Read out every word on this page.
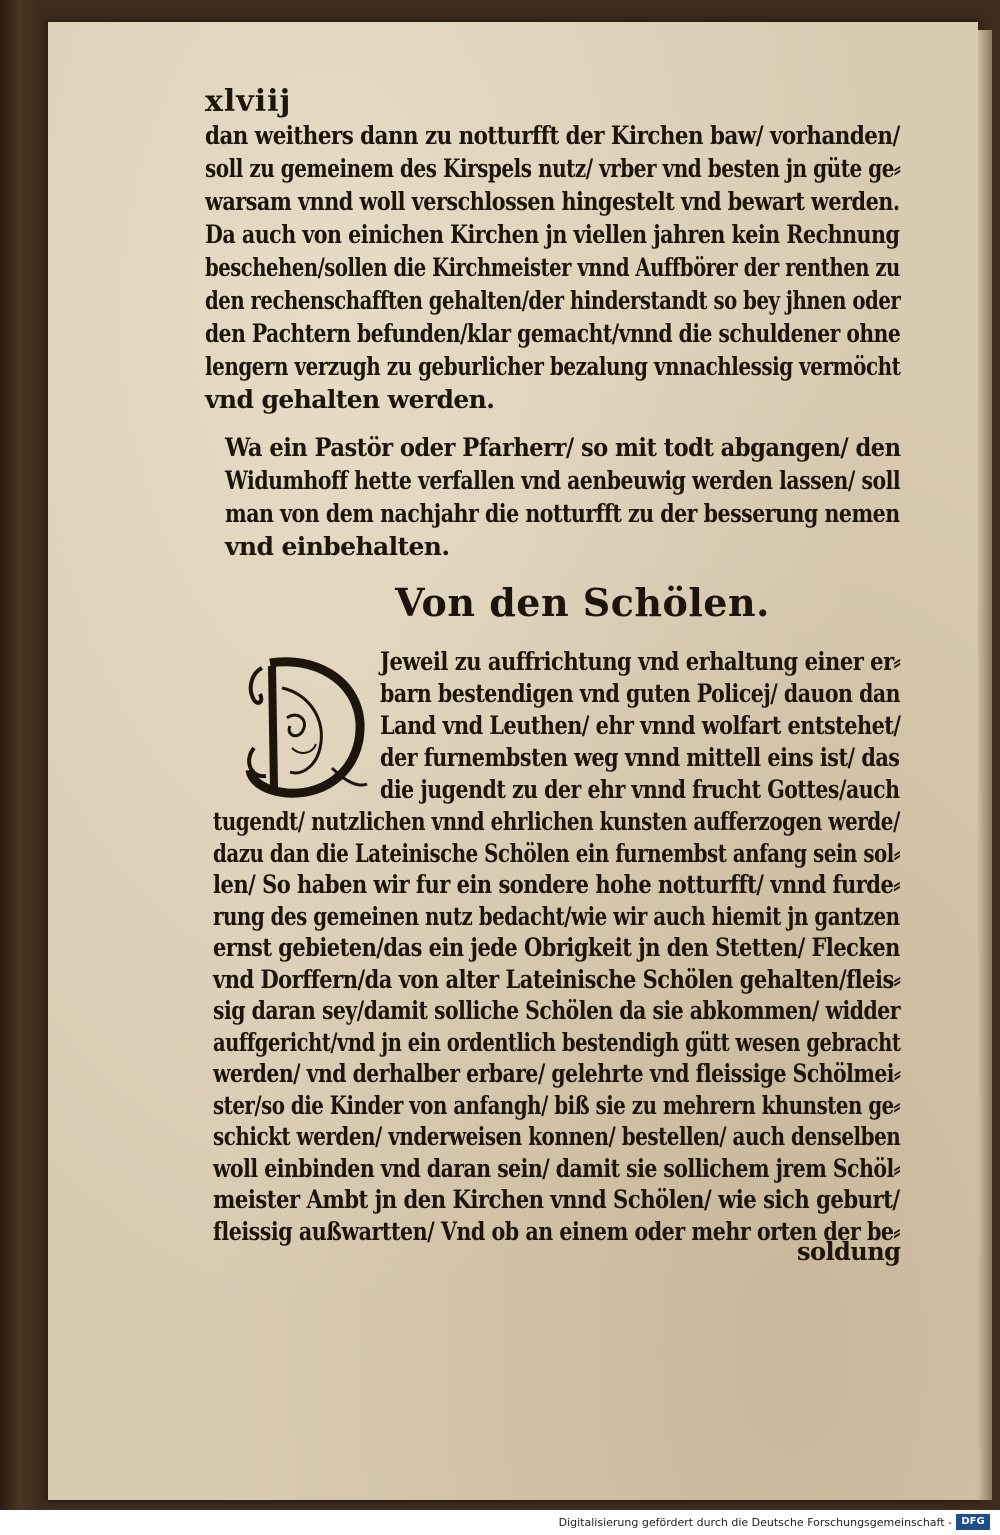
xlviij
dan weithers dann zu notturfft der Kirchen baw/ vorhanden/
soll zu gemeinem des Kirspels nutz/ vrber vnd besten jn güte ge⸗
warsam vnnd woll verschlossen hingestelt vnd bewart werden.
Da auch von einichen Kirchen jn viellen jahren kein Rechnung
beschehen/sollen die Kirchmeister vnnd Auffbörer der renthen zu
den rechenschafften gehalten/der hinderstandt so bey jhnen oder
den Pachtern befunden/klar gemacht/vnnd die schuldener ohne
lengern verzugh zu geburlicher bezalung vnnachlessig vermöcht
vnd gehalten werden.
Wa ein Pastör oder Pfarherr/ so mit todt abgangen/ den
Widumhoff hette verfallen vnd aenbeuwig werden lassen/ soll
man von dem nachjahr die notturfft zu der besserung nemen
vnd einbehalten.
Von den Schölen.
Jeweil zu auffrichtung vnd erhaltung einer er⸗
barn bestendigen vnd guten Policej/ dauon dan
Land vnd Leuthen/ ehr vnnd wolfart entstehet/
der furnembsten weg vnnd mittell eins ist/ das
die jugendt zu der ehr vnnd frucht Gottes/auch
tugendt/ nutzlichen vnnd ehrlichen kunsten aufferzogen werde/
dazu dan die Lateinische Schölen ein furnembst anfang sein sol⸗
len/ So haben wir fur ein sondere hohe notturfft/ vnnd furde⸗
rung des gemeinen nutz bedacht/wie wir auch hiemit jn gantzen
ernst gebieten/das ein jede Obrigkeit jn den Stetten/ Flecken
vnd Dorffern/da von alter Lateinische Schölen gehalten/fleis⸗
sig daran sey/damit solliche Schölen da sie abkommen/ widder
auffgericht/vnd jn ein ordentlich bestendigh gütt wesen gebracht
werden/ vnd derhalber erbare/ gelehrte vnd fleissige Schölmei⸗
ster/so die Kinder von anfangh/ biß sie zu mehrern khunsten ge⸗
schickt werden/ vnderweisen konnen/ bestellen/ auch denselben
woll einbinden vnd daran sein/ damit sie sollichem jrem Schöl⸗
meister Ambt jn den Kirchen vnnd Schölen/ wie sich geburt/
fleissig außwartten/ Vnd ob an einem oder mehr orten der be⸗
soldung
Digitalisierung gefördert durch die Deutsche Forschungsgemeinschaft - DFG
